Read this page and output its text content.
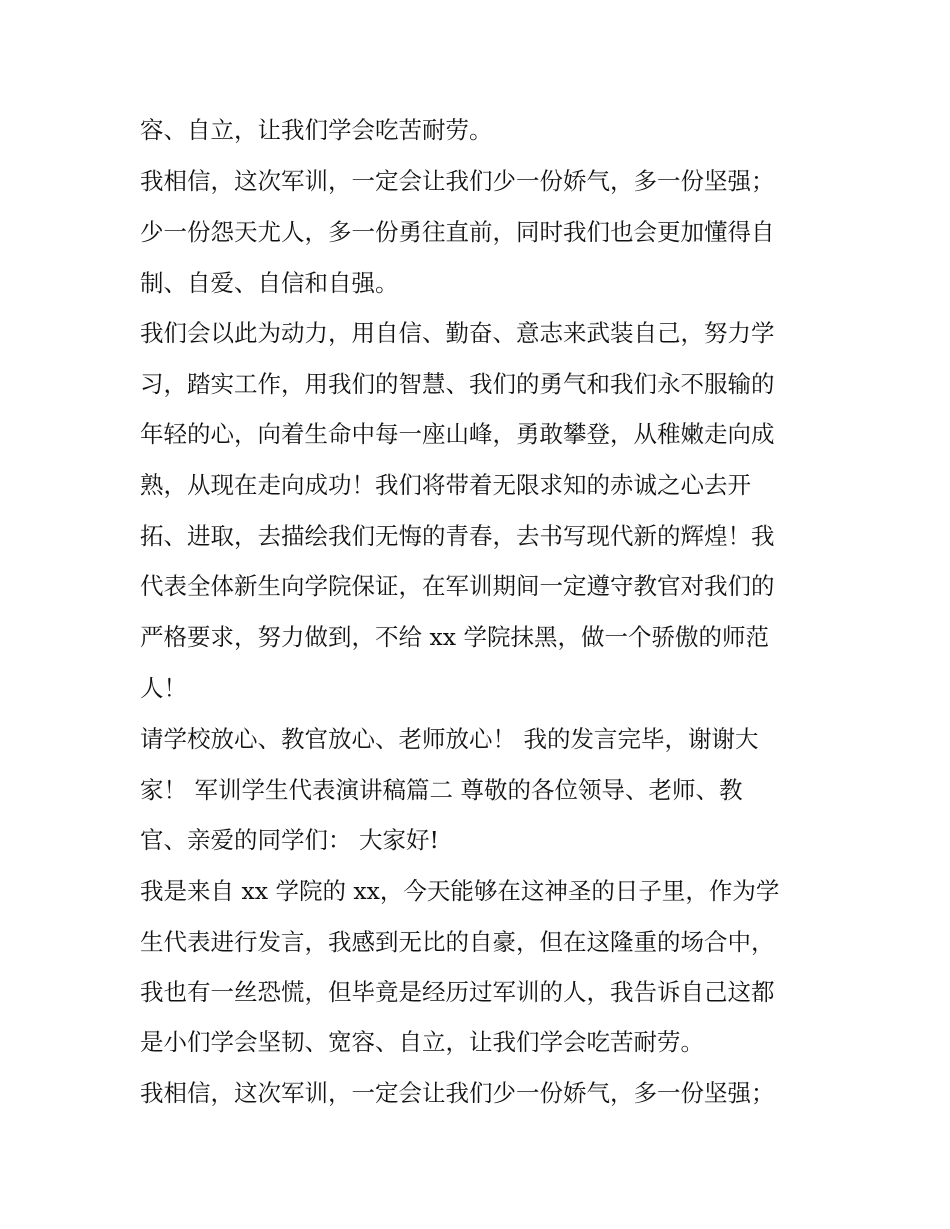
容、自立，让我们学会吃苦耐劳。
我相信，这次军训，一定会让我们少一份娇气，多一份坚强；
少一份怨天尤人，多一份勇往直前，同时我们也会更加懂得自
制、自爱、自信和自强。
我们会以此为动力，用自信、勤奋、意志来武装自己，努力学
习，踏实工作，用我们的智慧、我们的勇气和我们永不服输的
年轻的心，向着生命中每一座山峰，勇敢攀登，从稚嫩走向成
熟，从现在走向成功！我们将带着无限求知的赤诚之心去开
拓、进取，去描绘我们无悔的青春，去书写现代新的辉煌！我
代表全体新生向学院保证，在军训期间一定遵守教官对我们的
严格要求，努力做到，不给 xx 学院抹黑，做一个骄傲的师范
人！
请学校放心、教官放心、老师放心！ 我的发言完毕，谢谢大
家！ 军训学生代表演讲稿篇二 尊敬的各位领导、老师、教
官、亲爱的同学们： 大家好!
我是来自 xx 学院的 xx，今天能够在这神圣的日子里，作为学
生代表进行发言，我感到无比的自豪，但在这隆重的场合中，
我也有一丝恐慌，但毕竟是经历过军训的人，我告诉自己这都
是小们学会坚韧、宽容、自立，让我们学会吃苦耐劳。
我相信，这次军训，一定会让我们少一份娇气，多一份坚强；
